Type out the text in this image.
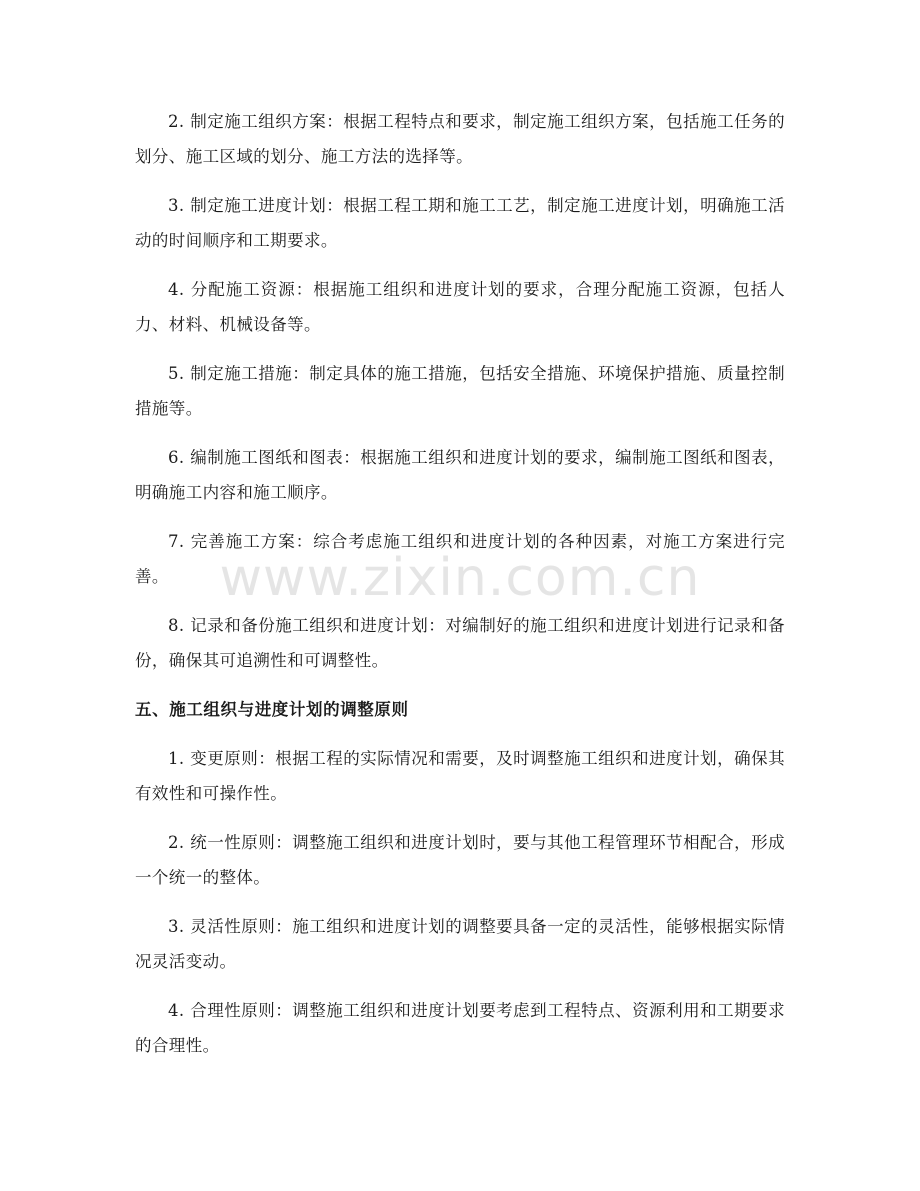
2. 制定施工组织方案：根据工程特点和要求，制定施工组织方案，包括施工任务的划分、施工区域的划分、施工方法的选择等。

3. 制定施工进度计划：根据工程工期和施工工艺，制定施工进度计划，明确施工活动的时间顺序和工期要求。

4. 分配施工资源：根据施工组织和进度计划的要求，合理分配施工资源，包括人力、材料、机械设备等。

5. 制定施工措施：制定具体的施工措施，包括安全措施、环境保护措施、质量控制措施等。

6. 编制施工图纸和图表：根据施工组织和进度计划的要求，编制施工图纸和图表，明确施工内容和施工顺序。

7. 完善施工方案：综合考虑施工组织和进度计划的各种因素，对施工方案进行完善。

8. 记录和备份施工组织和进度计划：对编制好的施工组织和进度计划进行记录和备份，确保其可追溯性和可调整性。

五、施工组织与进度计划的调整原则

1. 变更原则：根据工程的实际情况和需要，及时调整施工组织和进度计划，确保其有效性和可操作性。

2. 统一性原则：调整施工组织和进度计划时，要与其他工程管理环节相配合，形成一个统一的整体。

3. 灵活性原则：施工组织和进度计划的调整要具备一定的灵活性，能够根据实际情况灵活变动。

4. 合理性原则：调整施工组织和进度计划要考虑到工程特点、资源利用和工期要求的合理性。

www.zixin.com.cn
